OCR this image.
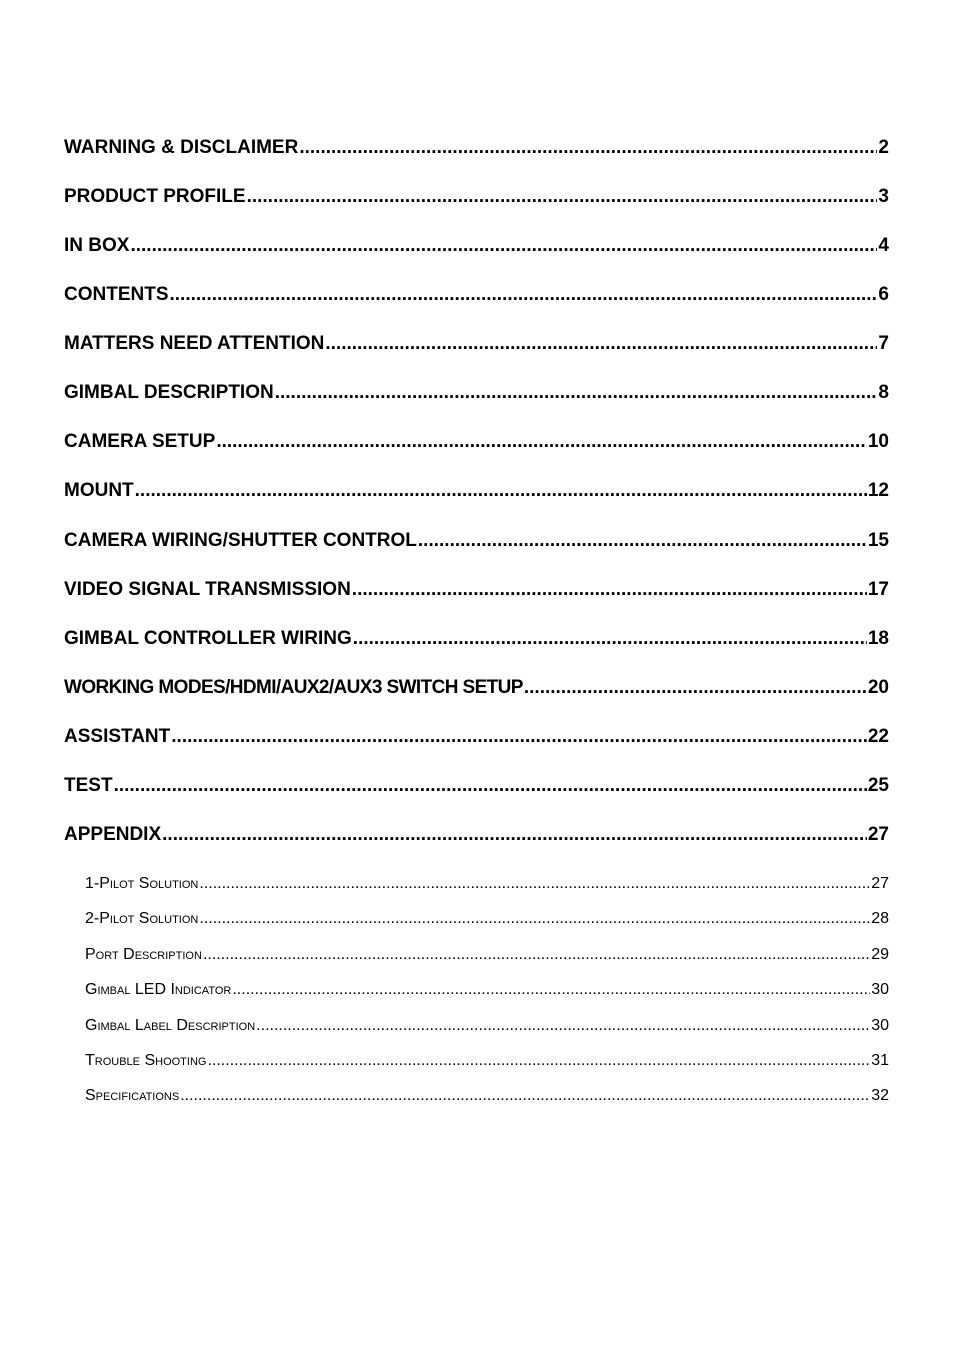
WARNING & DISCLAIMER .....	2
PRODUCT PROFILE .....	3
IN BOX .....	4
CONTENTS .....	6
MATTERS NEED ATTENTION .....	7
GIMBAL DESCRIPTION .....	8
CAMERA SETUP .....	10
MOUNT .....	12
CAMERA WIRING/SHUTTER CONTROL .....	15
VIDEO SIGNAL TRANSMISSION .....	17
GIMBAL CONTROLLER WIRING .....	18
WORKING MODES/HDMI/AUX2/AUX3 SWITCH SETUP .....	20
ASSISTANT .....	22
TEST .....	25
APPENDIX .....	27
1-Pilot Solution .....	27
2-Pilot Solution .....	28
Port Description .....	29
Gimbal LED Indicator .....	30
Gimbal Label Description .....	30
Trouble Shooting .....	31
Specifications .....	32
